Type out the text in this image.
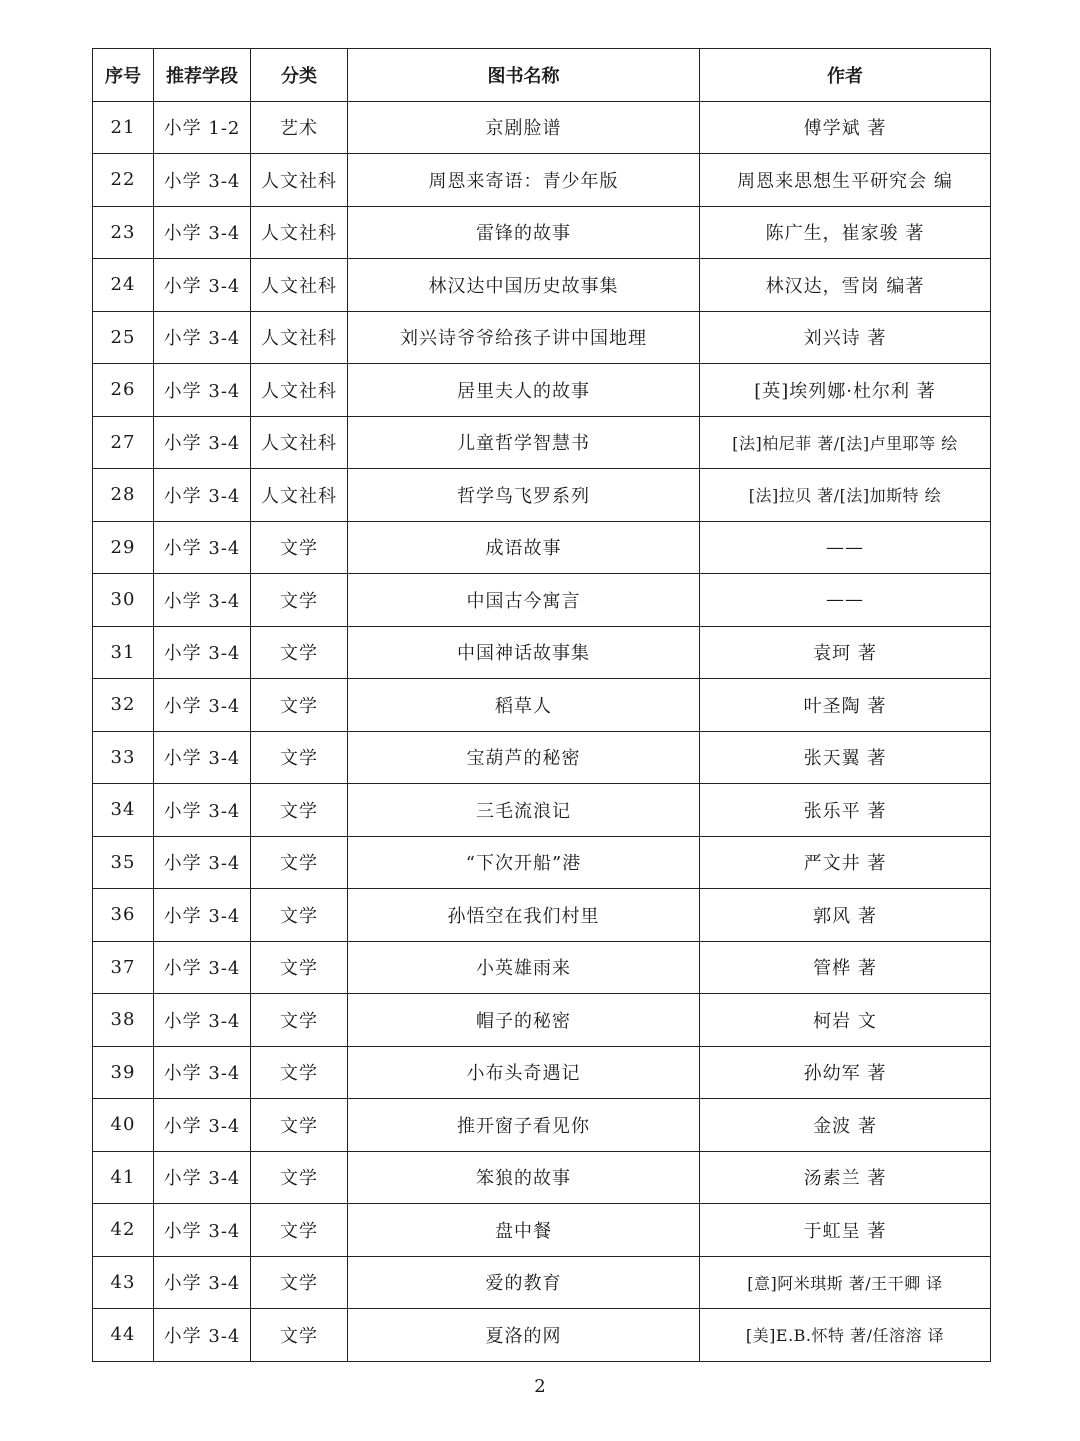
序号	推荐学段	分类	图书名称	作者
21	小学 1-2	艺术	京剧脸谱	傅学斌 著
22	小学 3-4	人文社科	周恩来寄语：青少年版	周恩来思想生平研究会 编
23	小学 3-4	人文社科	雷锋的故事	陈广生，崔家骏 著
24	小学 3-4	人文社科	林汉达中国历史故事集	林汉达，雪岗 编著
25	小学 3-4	人文社科	刘兴诗爷爷给孩子讲中国地理	刘兴诗 著
26	小学 3-4	人文社科	居里夫人的故事	[英]埃列娜·杜尔利 著
27	小学 3-4	人文社科	儿童哲学智慧书	[法]柏尼菲 著/[法]卢里耶等 绘
28	小学 3-4	人文社科	哲学鸟飞罗系列	[法]拉贝 著/[法]加斯特 绘
29	小学 3-4	文学	成语故事	——
30	小学 3-4	文学	中国古今寓言	——
31	小学 3-4	文学	中国神话故事集	袁珂 著
32	小学 3-4	文学	稻草人	叶圣陶 著
33	小学 3-4	文学	宝葫芦的秘密	张天翼 著
34	小学 3-4	文学	三毛流浪记	张乐平 著
35	小学 3-4	文学	“下次开船”港	严文井 著
36	小学 3-4	文学	孙悟空在我们村里	郭风 著
37	小学 3-4	文学	小英雄雨来	管桦 著
38	小学 3-4	文学	帽子的秘密	柯岩 文
39	小学 3-4	文学	小布头奇遇记	孙幼军 著
40	小学 3-4	文学	推开窗子看见你	金波 著
41	小学 3-4	文学	笨狼的故事	汤素兰 著
42	小学 3-4	文学	盘中餐	于虹呈 著
43	小学 3-4	文学	爱的教育	[意]阿米琪斯 著/王干卿 译
44	小学 3-4	文学	夏洛的网	[美]E.B.怀特 著/任溶溶 译
2
